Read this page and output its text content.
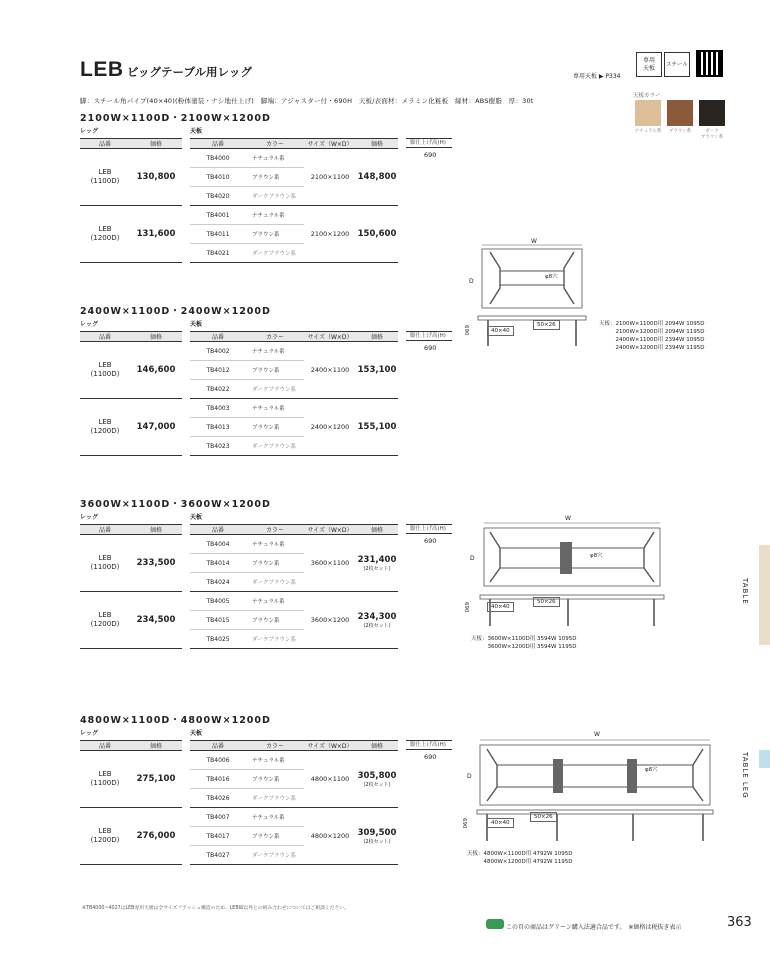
LEB ビッグテーブル用レッグ
専用
天板	スチール
専用天板 ▶ P334
脚：スチール角パイプ(40×40)(粉体塗装・ナシ地仕上げ)　脚端：アジャスター付・690H　天板/表面材：メラミン化粧板　縁材：ABS樹脂　厚：30t
天板カラー
ナチュラル系	ブラウン系	ダーク
ブラウン系
2100W×1100D・2100W×1200D
レッグ	天板
品番	価格
LEB
(1100D)	130,800
LEB
(1200D)	131,600
品番	カラー	サイズ（W×D）	価格
TB4000	ナチュラル系	2100×1100	148,800

TB4010	ブラウン系		
TB4020	ダークブラウン系		
TB4001	ナチュラル系	2100×1200	150,600

TB4011	ブラウン系		
TB4021	ダークブラウン系		
脚仕上げ高(H)
690
2400W×1100D・2400W×1200D
レッグ	天板
品番	価格
LEB
(1100D)	146,600
LEB
(1200D)	147,000
品番	カラー	サイズ（W×D）	価格
TB4002	ナチュラル系	2400×1100	153,100

TB4012	ブラウン系		
TB4022	ダークブラウン系		
TB4003	ナチュラル系	2400×1200	155,100

TB4013	ブラウン系		
TB4023	ダークブラウン系		
脚仕上げ高(H)
690
3600W×1100D・3600W×1200D
レッグ	天板
品番	価格
LEB
(1100D)	233,500
LEB
(1200D)	234,500
品番	カラー	サイズ（W×D）	価格
TB4004	ナチュラル系	3600×1100	231,400
(2枚セット)

TB4014	ブラウン系		
TB4024	ダークブラウン系		
TB4005	ナチュラル系	3600×1200	234,300
(2枚セット)

TB4015	ブラウン系		
TB4025	ダークブラウン系		
脚仕上げ高(H)
690
4800W×1100D・4800W×1200D
レッグ	天板
品番	価格
LEB
(1100D)	275,100
LEB
(1200D)	276,000
品番	カラー	サイズ（W×D）	価格
TB4006	ナチュラル系	4800×1100	305,800
(2枚セット)

TB4016	ブラウン系		
TB4026	ダークブラウン系		
TB4007	ナチュラル系	4800×1200	309,500
(2枚セット)

TB4017	ブラウン系		
TB4027	ダークブラウン系		
脚仕上げ高(H)
690
690
690
690
W
D
φ8穴
40×40
50×26	天板：2100W×1100D用 2094W 1095D
　　　2100W×1200D用 2094W 1195D
　　　2400W×1100D用 2394W 1095D
　　　2400W×1200D用 2394W 1195D
W
D	φ8穴
40×40
50×26
天板：3600W×1100D用 3594W 1095D
　　　3600W×1200D用 3594W 1195D
W
D
φ8穴
40×40
50×26
天板：4800W×1100D用 4792W 1095D
　　　4800W×1200D用 4792W 1195D
TABLE
TABLE LEG
※TB4000~4027はLEB専用天板は全サイズフラッシュ構造のため、LEB脚以外との組み合わせについてはご相談ください。
この頁の商品はグリーン購入法適合品です。　※価格は税抜き表示	363
